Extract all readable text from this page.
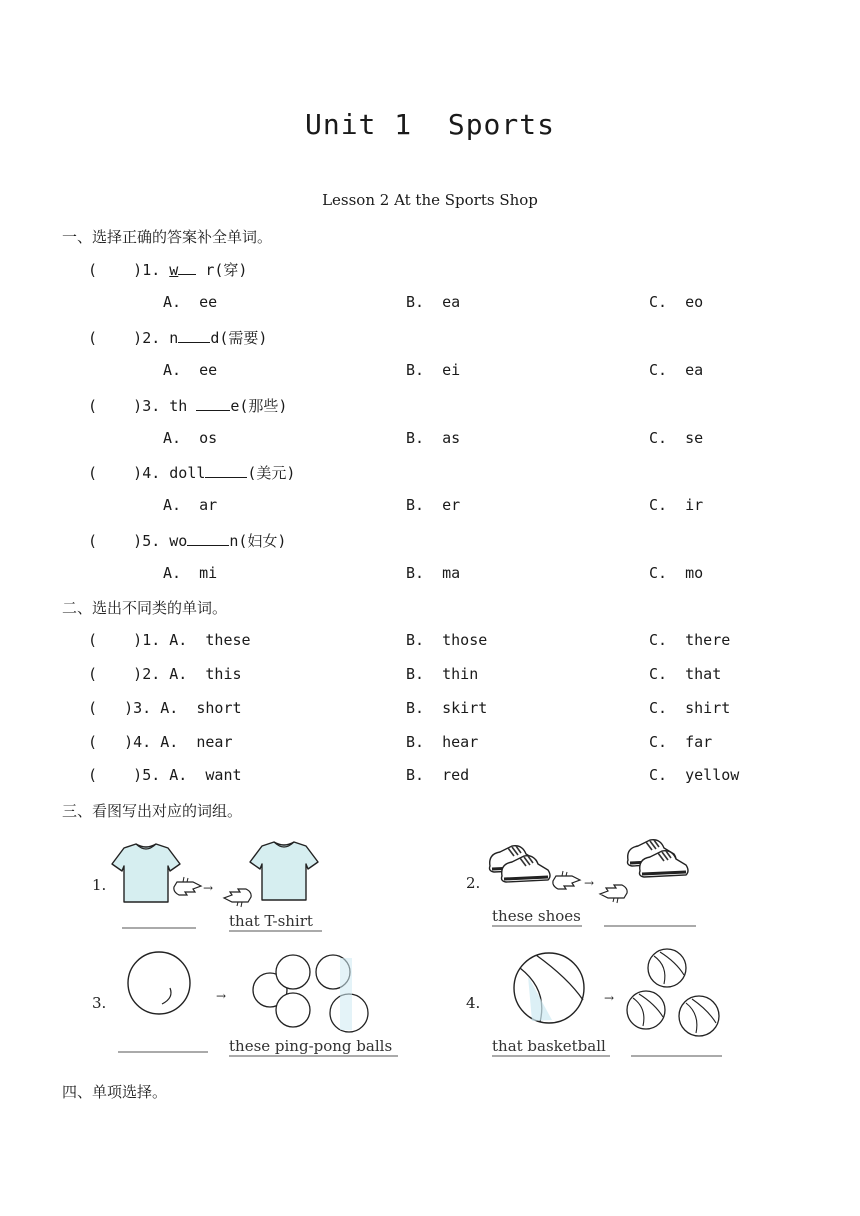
Unit 1  Sports
Lesson 2 At the Sports Shop
一、选择正确的答案补全单词。
(    )1. w r(穿)
A.  ee	B.  ea	C.  eo
(    )2. n d(需要)
A.  ee	B.  ei	C.  ea
(    )3. th e(那些)
A.  os	B.  as	C.  se
(    )4. doll	(美元)
A.  ar	B.  er	C.  ir
(    )5. wo	n(妇女)
A.  mi	B.  ma	C.  mo
二、选出不同类的单词。
(    )1. A.  these	B.  those	C.  there
(    )2. A.  this	B.  thin	C.  that
(   )3. A.  short	B.  skirt	C.  shirt
(   )4. A.  near	B.  hear	C.  far
(    )5. A.  want	B.  red	C.  yellow
三、看图写出对应的词组。
1.	→
that T-shirt
2.	→
these shoes
3.	→
these ping-pong balls
4.	→
that basketball
四、单项选择。
